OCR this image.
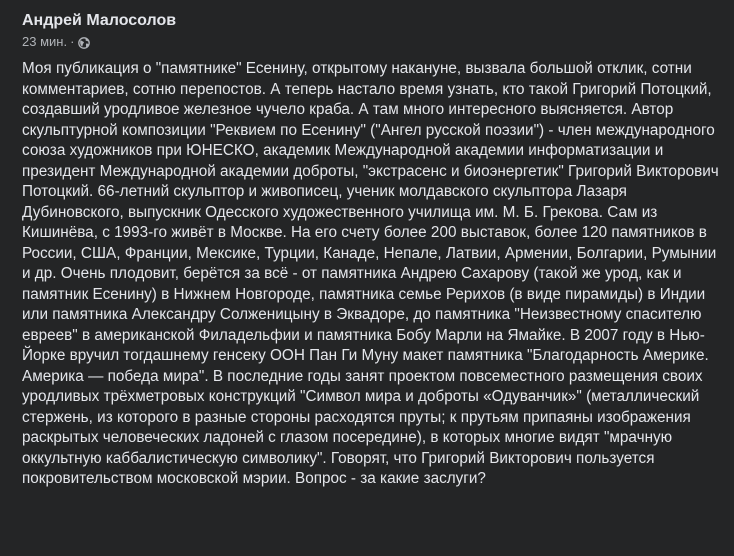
Андрей Малосолов
23 мин. ·
Моя публикация о "памятнике" Есенину, открытому накануне, вызвала большой отклик, сотни комментариев, сотню перепостов. А теперь настало время узнать, кто такой Григорий Потоцкий, создавший уродливое железное чучело краба. А там много интересного выясняется. Автор скульптурной композиции "Реквием по Есенину" ("Ангел русской поэзии") - член международного союза художников при ЮНЕСКО, академик Международной академии информатизации и президент Международной академии доброты, "экстрасенс и биоэнергетик" Григорий Викторович Потоцкий. 66-летний скульптор и живописец, ученик молдавского скульптора Лазаря Дубиновского, выпускник Одесского художественного училища им. М. Б. Грекова. Сам из Кишинёва, с 1993-го живёт в Москве. На его счету более 200 выставок, более 120 памятников в России, США, Франции, Мексике, Турции, Канаде, Непале, Латвии, Армении, Болгарии, Румынии и др. Очень плодовит, берётся за всё - от памятника Андрею Сахарову (такой же урод, как и памятник Есенину) в Нижнем Новгороде, памятника семье Рерихов (в виде пирамиды) в Индии или памятника Александру Солженицыну в Эквадоре, до памятника "Неизвестному спасителю евреев" в американской Филадельфии и памятника Бобу Марли на Ямайке. В 2007 году в Нью-Йорке вручил тогдашнему генсеку ООН Пан Ги Муну макет памятника "Благодарность Америке. Америка — победа мира". В последние годы занят проектом повсеместного размещения своих уродливых трёхметровых конструкций "Символ мира и доброты «Одуванчик»" (металлический стержень, из которого в разные стороны расходятся пруты; к прутьям припаяны изображения раскрытых человеческих ладоней с глазом посередине), в которых многие видят "мрачную оккультную каббалистическую символику". Говорят, что Григорий Викторович пользуется покровительством московской мэрии. Вопрос - за какие заслуги?
